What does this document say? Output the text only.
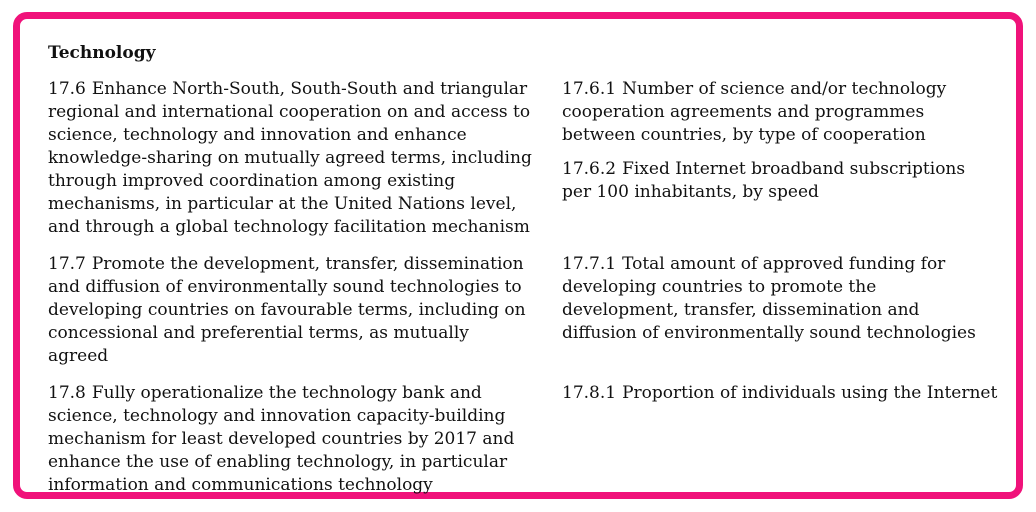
Technology
17.6 Enhance North-South, South-South and triangular regional and international cooperation on and access to science, technology and innovation and enhance knowledge-sharing on mutually agreed terms, including through improved coordination among existing mechanisms, in particular at the United Nations level, and through a global technology facilitation mechanism
17.6.1 Number of science and/or technology cooperation agreements and programmes between countries, by type of cooperation
17.6.2 Fixed Internet broadband subscriptions per 100 inhabitants, by speed
17.7 Promote the development, transfer, dissemination and diffusion of environmentally sound technologies to developing countries on favourable terms, including on concessional and preferential terms, as mutually agreed
17.7.1 Total amount of approved funding for developing countries to promote the development, transfer, dissemination and diffusion of environmentally sound technologies
17.8 Fully operationalize the technology bank and science, technology and innovation capacity-building mechanism for least developed countries by 2017 and enhance the use of enabling technology, in particular information and communications technology
17.8.1 Proportion of individuals using the Internet
